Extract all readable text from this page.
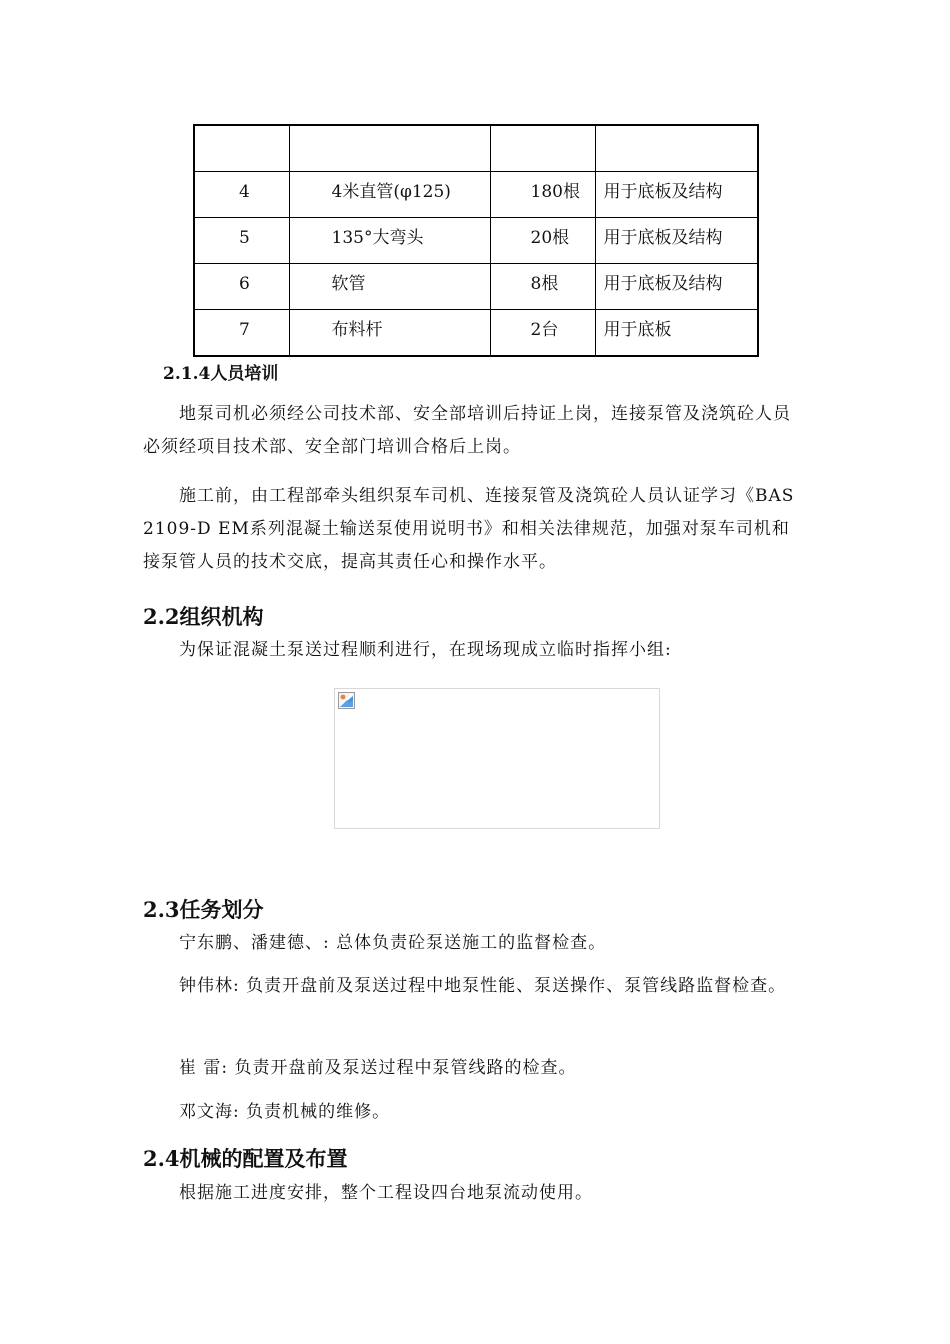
4	4米直管(φ125)	180根	用于底板及结构

5	135°大弯头	20根	用于底板及结构

6	软管	8根	用于底板及结构

7	布料杆	2台	用于底板
2.1.4人员培训

地泵司机必须经公司技术部、安全部培训后持证上岗，连接泵管及浇筑砼人员必须经项目技术部、安全部门培训合格后上岗。

施工前，由工程部牵头组织泵车司机、连接泵管及浇筑砼人员认证学习《BAS 2109-D EM系列混凝土输送泵使用说明书》和相关法律规范，加强对泵车司机和接泵管人员的技术交底，提高其责任心和操作水平。

2.2组织机构

为保证混凝土泵送过程顺利进行，在现场现成立临时指挥小组:

2.3任务划分

宁东鹏、潘建德、: 总体负责砼泵送施工的监督检查。

钟伟林: 负责开盘前及泵送过程中地泵性能、泵送操作、泵管线路监督检查。

崔 雷: 负责开盘前及泵送过程中泵管线路的检查。

邓文海: 负责机械的维修。

2.4机械的配置及布置

根据施工进度安排，整个工程设四台地泵流动使用。
